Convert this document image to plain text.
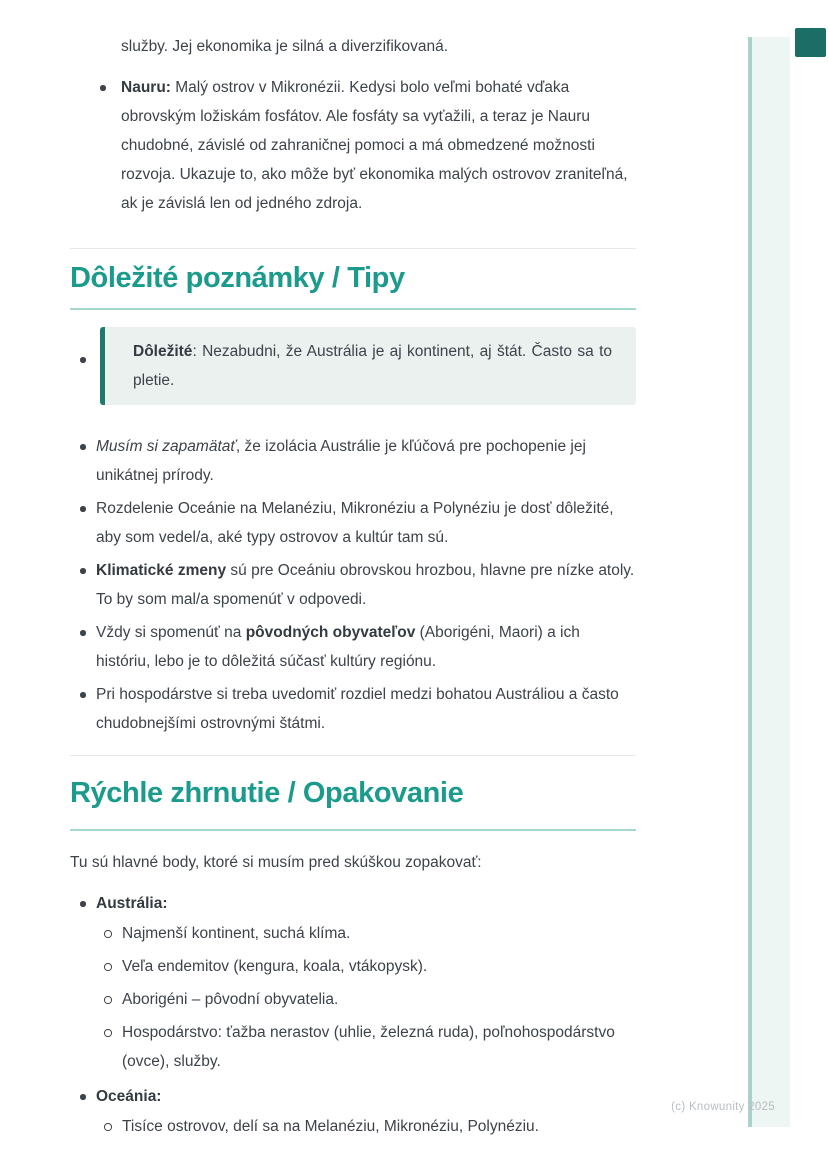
služby. Jej ekonomika je silná a diverzifikovaná.

Nauru: Malý ostrov v Mikronézii. Kedysi bolo veľmi bohaté vďaka obrovským ložiskám fosfátov. Ale fosfáty sa vyťažili, a teraz je Nauru chudobné, závislé od zahraničnej pomoci a má obmedzené možnosti rozvoja. Ukazuje to, ako môže byť ekonomika malých ostrovov zraniteľná, ak je závislá len od jedného zdroja.

Dôležité poznámky / Tipy

Dôležité: Nezabudni, že Austrália je aj kontinent, aj štát. Často sa to pletie.

Musím si zapamätať, že izolácia Austrálie je kľúčová pre pochopenie jej unikátnej prírody.
Rozdelenie Oceánie na Melanéziu, Mikronéziu a Polynéziu je dosť dôležité, aby som vedel/a, aké typy ostrovov a kultúr tam sú.
Klimatické zmeny sú pre Oceániu obrovskou hrozbou, hlavne pre nízke atoly. To by som mal/a spomenúť v odpovedi.
Vždy si spomenúť na pôvodných obyvateľov (Aborigéni, Maori) a ich históriu, lebo je to dôležitá súčasť kultúry regiónu.
Pri hospodárstve si treba uvedomiť rozdiel medzi bohatou Austráliou a často chudobnejšími ostrovnými štátmi.
Rýchle zhrnutie / Opakovanie

Tu sú hlavné body, ktoré si musím pred skúškou zopakovať:

Austrália:
Najmenší kontinent, suchá klíma.
Veľa endemitov (kengura, koala, vtákopysk).
Aborigéni – pôvodní obyvatelia.
Hospodárstvo: ťažba nerastov (uhlie, železná ruda), poľnohospodárstvo (ovce), služby.
Oceánia:
Tisíce ostrovov, delí sa na Melanéziu, Mikronéziu, Polynéziu.
(c) Knowunity 2025
